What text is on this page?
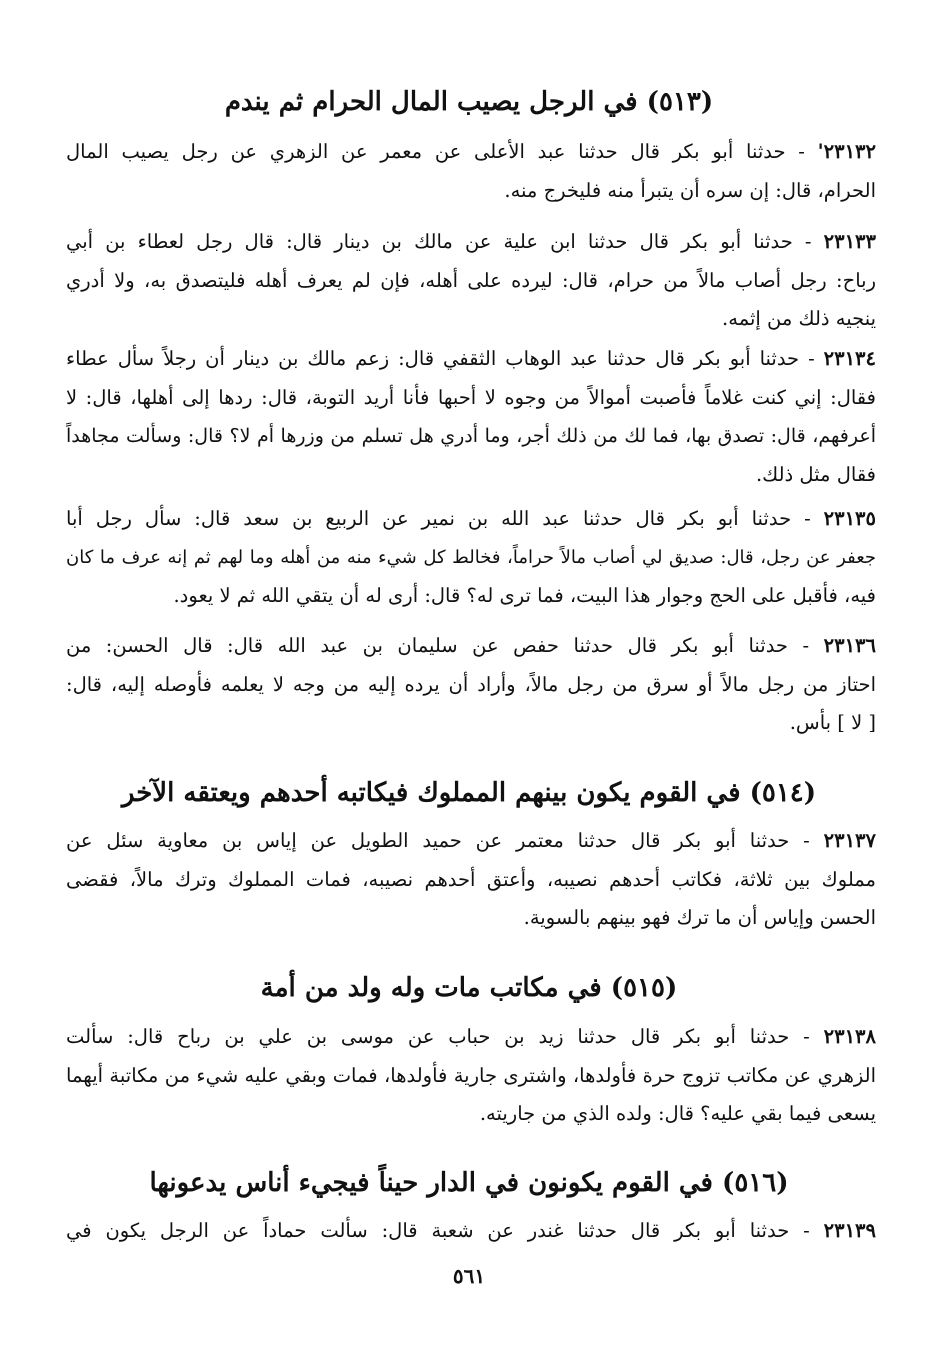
(٥١٣) في الرجل يصيب المال الحرام ثم يندم
٢٣١٣٢' - حدثنا أبو بكر قال حدثنا عبد الأعلى عن معمر عن الزهري عن رجل يصيب المال
الحرام، قال: إن سره أن يتبرأ منه فليخرج منه.
٢٣١٣٣ - حدثنا أبو بكر قال حدثنا ابن علية عن مالك بن دينار قال: قال رجل لعطاء بن أبي
رباح: رجل أصاب مالاً من حرام، قال: ليرده على أهله، فإن لم يعرف أهله فليتصدق به، ولا أدري
ينجيه ذلك من إثمه.
٢٣١٣٤ - حدثنا أبو بكر قال حدثنا عبد الوهاب الثقفي قال: زعم مالك بن دينار أن رجلاً سأل عطاء
فقال: إني كنت غلاماً فأصبت أموالاً من وجوه لا أحبها فأنا أريد التوبة، قال: ردها إلى أهلها، قال: لا
أعرفهم، قال: تصدق بها، فما لك من ذلك أجر، وما أدري هل تسلم من وزرها أم لا؟ قال: وسألت مجاهداً
فقال مثل ذلك.
٢٣١٣٥ - حدثنا أبو بكر قال حدثنا عبد الله بن نمير عن الربيع بن سعد قال: سأل رجل أبا
جعفر عن رجل، قال: صديق لي أصاب مالاً حراماً، فخالط كل شيء منه من أهله وما لهم ثم إنه عرف ما كان
فيه، فأقبل على الحج وجوار هذا البيت، فما ترى له؟ قال: أرى له أن يتقي الله ثم لا يعود.
٢٣١٣٦ - حدثنا أبو بكر قال حدثنا حفص عن سليمان بن عبد الله قال: قال الحسن: من
احتاز من رجل مالاً أو سرق من رجل مالاً، وأراد أن يرده إليه من وجه لا يعلمه فأوصله إليه، قال:
[ لا ] بأس.
(٥١٤) في القوم يكون بينهم المملوك فيكاتبه أحدهم ويعتقه الآخر
٢٣١٣٧ - حدثنا أبو بكر قال حدثنا معتمر عن حميد الطويل عن إياس بن معاوية سئل عن
مملوك بين ثلاثة، فكاتب أحدهم نصيبه، وأعتق أحدهم نصيبه، فمات المملوك وترك مالاً، فقضى
الحسن وإياس أن ما ترك فهو بينهم بالسوية.
(٥١٥) في مكاتب مات وله ولد من أمة
٢٣١٣٨ - حدثنا أبو بكر قال حدثنا زيد بن حباب عن موسى بن علي بن رباح قال: سألت
الزهري عن مكاتب تزوج حرة فأولدها، واشترى جارية فأولدها، فمات وبقي عليه شيء من مكاتبة أيهما
يسعى فيما بقي عليه؟ قال: ولده الذي من جاريته.
(٥١٦) في القوم يكونون في الدار حيناً فيجيء أناس يدعونها
٢٣١٣٩ - حدثنا أبو بكر قال حدثنا غندر عن شعبة قال: سألت حماداً عن الرجل يكون في
٥٦١
